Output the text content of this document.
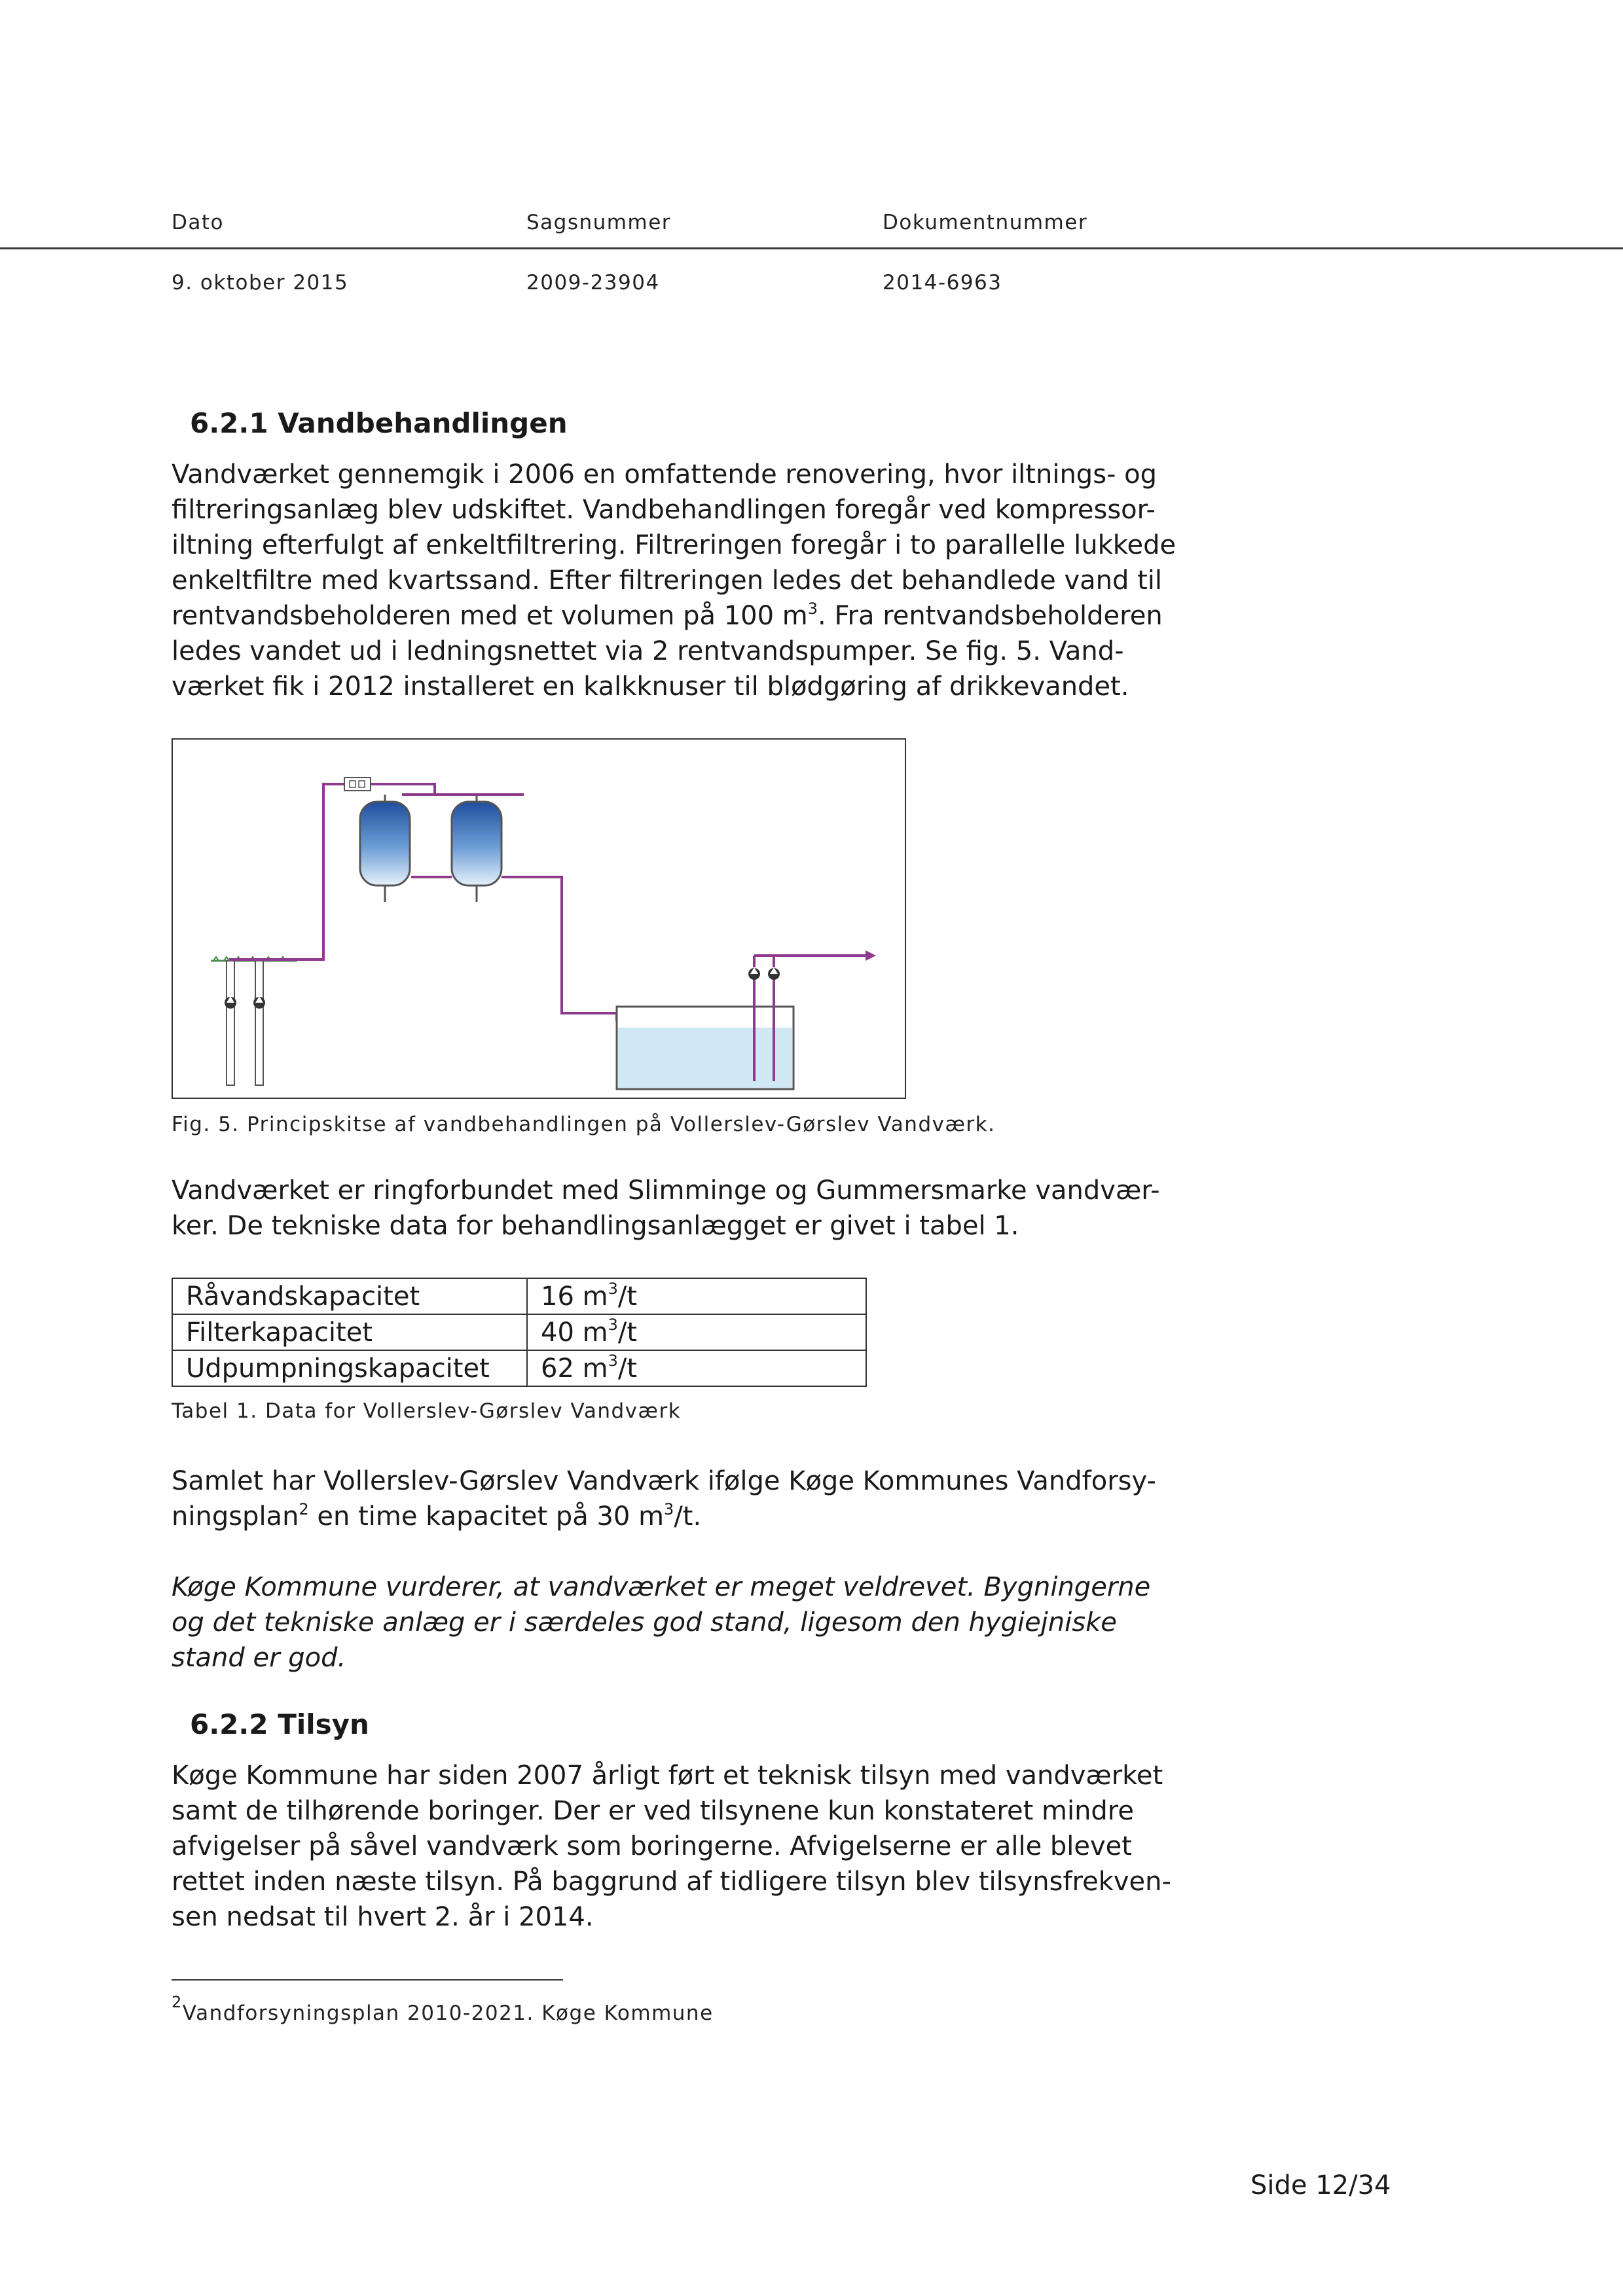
Dato	Sagsnummer	Dokumentnummer
9. oktober 2015	2009-23904	2014-6963
6.2.1 Vandbehandlingen
Vandværket gennemgik i 2006 en omfattende renovering, hvor iltnings- og
filtreringsanlæg blev udskiftet. Vandbehandlingen foregår ved kompressor-
iltning efterfulgt af enkeltfiltrering. Filtreringen foregår i to parallelle lukkede
enkeltfiltre med kvartssand. Efter filtreringen ledes det behandlede vand til
rentvandsbeholderen med et volumen på 100 $m^3$. Fra rentvandsbeholderen
ledes vandet ud i ledningsnettet via 2 rentvandspumper. Se fig. 5. Vand-
værket fik i 2012 installeret en kalkknuser til blødgøring af drikkevandet.
Fig. 5. Principskitse af vandbehandlingen på Vollerslev-Gørslev Vandværk.
Vandværket er ringforbundet med Slimminge og Gummersmarke vandvær-
ker. De tekniske data for behandlingsanlægget er givet i tabel 1.
Råvandskapacitet	16 $m^3/t$
Filterkapacitet	40 $m^3/t$
Udpumpningskapacitet	62 $m^3/t$
Tabel 1. Data for Vollerslev-Gørslev Vandværk
Samlet har Vollerslev-Gørslev Vandværk ifølge Køge Kommunes Vandforsy-
ningsplan$^2$ en time kapacitet på 30 $m^3/t$.
Køge Kommune vurderer, at vandværket er meget veldrevet. Bygningerne
og det tekniske anlæg er i særdeles god stand, ligesom den hygiejniske
stand er god.
6.2.2 Tilsyn
Køge Kommune har siden 2007 årligt ført et teknisk tilsyn med vandværket
samt de tilhørende boringer. Der er ved tilsynene kun konstateret mindre
afvigelser på såvel vandværk som boringerne. Afvigelserne er alle blevet
rettet inden næste tilsyn. På baggrund af tidligere tilsyn blev tilsynsfrekven-
sen nedsat til hvert 2. år i 2014.
$^2$Vandforsyningsplan 2010-2021. Køge Kommune
Side 12/34
